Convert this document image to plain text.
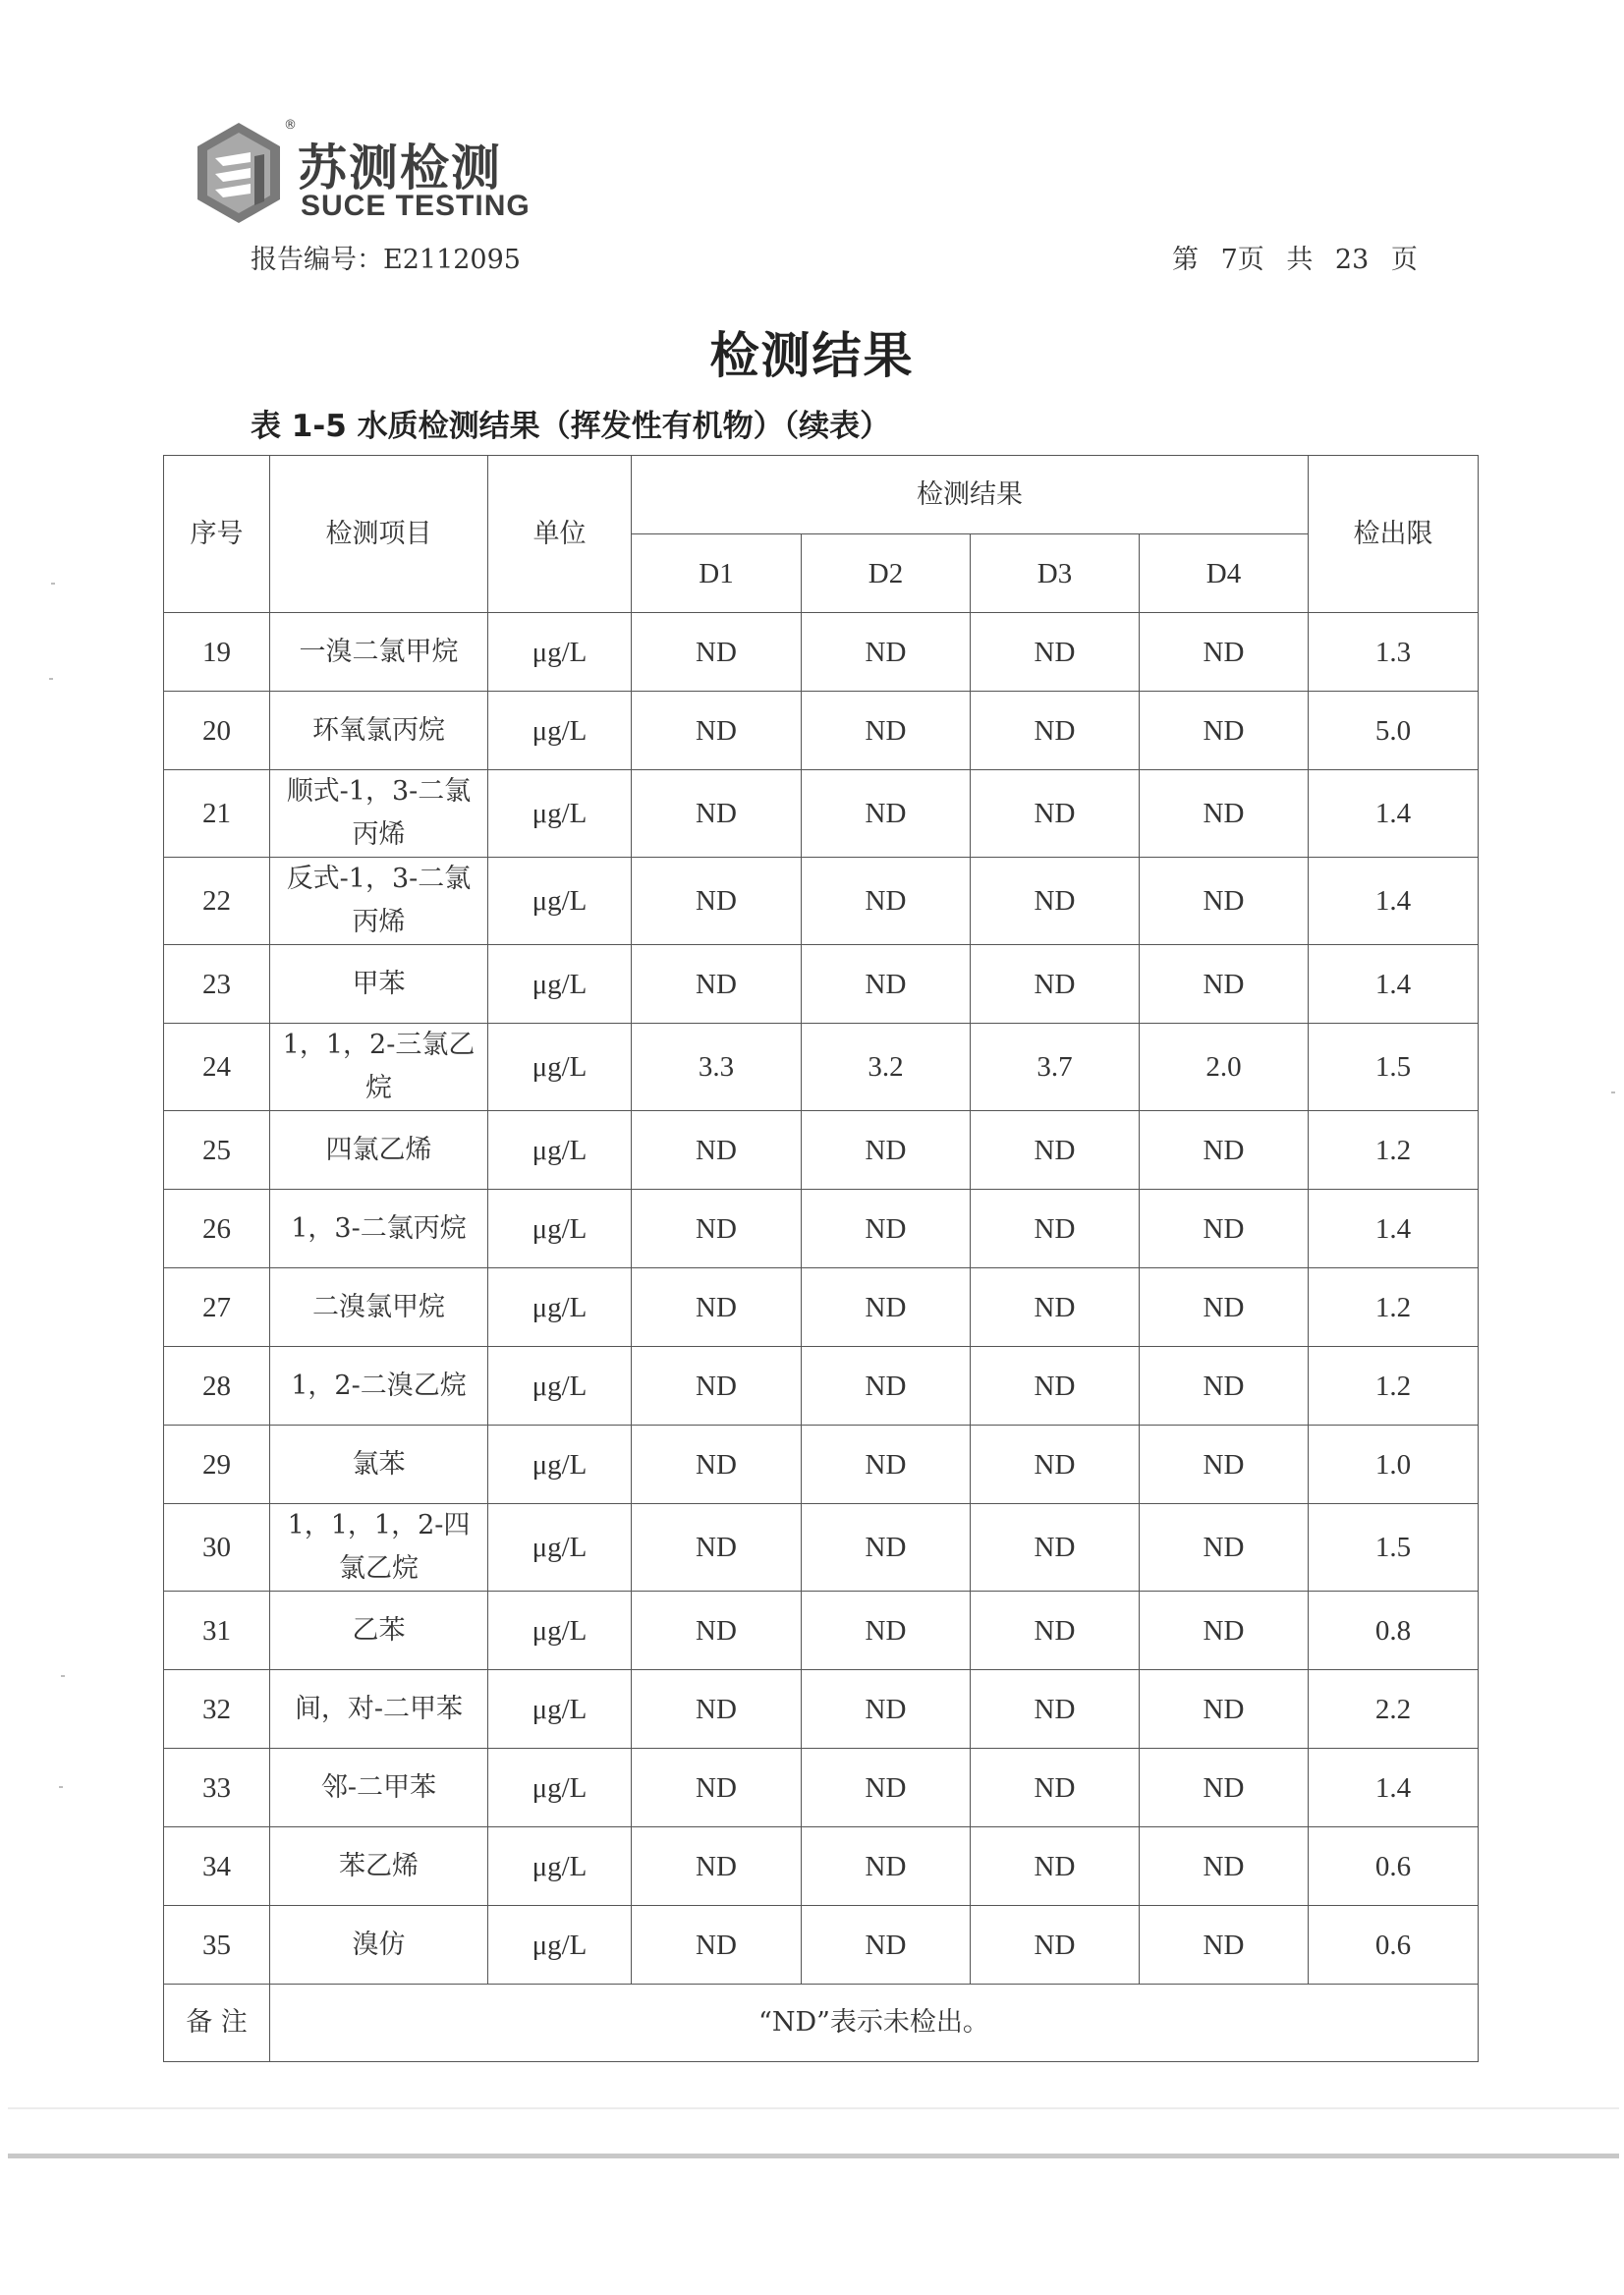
®
苏测检测
SUCE TESTING
报告编号：E2112095	第 7页 共 23 页
检测结果
表 1-5 水质检测结果（挥发性有机物）（续表）
序号	检测项目	单位	检测结果				检出限
			D1	D2	D3	D4	
19	一溴二氯甲烷	μg/L	ND	ND	ND	ND	1.3
20	环氧氯丙烷	μg/L	ND	ND	ND	ND	5.0
21	顺式-1，3-二氯丙烯	μg/L	ND	ND	ND	ND	1.4
22	反式-1，3-二氯丙烯	μg/L	ND	ND	ND	ND	1.4
23	甲苯	μg/L	ND	ND	ND	ND	1.4
24	1，1，2-三氯乙烷	μg/L	3.3	3.2	3.7	2.0	1.5
25	四氯乙烯	μg/L	ND	ND	ND	ND	1.2
26	1，3-二氯丙烷	μg/L	ND	ND	ND	ND	1.4
27	二溴氯甲烷	μg/L	ND	ND	ND	ND	1.2
28	1，2-二溴乙烷	μg/L	ND	ND	ND	ND	1.2
29	氯苯	μg/L	ND	ND	ND	ND	1.0
30	1，1，1，2-四氯乙烷	μg/L	ND	ND	ND	ND	1.5
31	乙苯	μg/L	ND	ND	ND	ND	0.8
32	间，对-二甲苯	μg/L	ND	ND	ND	ND	2.2
33	邻-二甲苯	μg/L	ND	ND	ND	ND	1.4
34	苯乙烯	μg/L	ND	ND	ND	ND	0.6
35	溴仿	μg/L	ND	ND	ND	ND	0.6
备 注	“ND”表示未检出。						
